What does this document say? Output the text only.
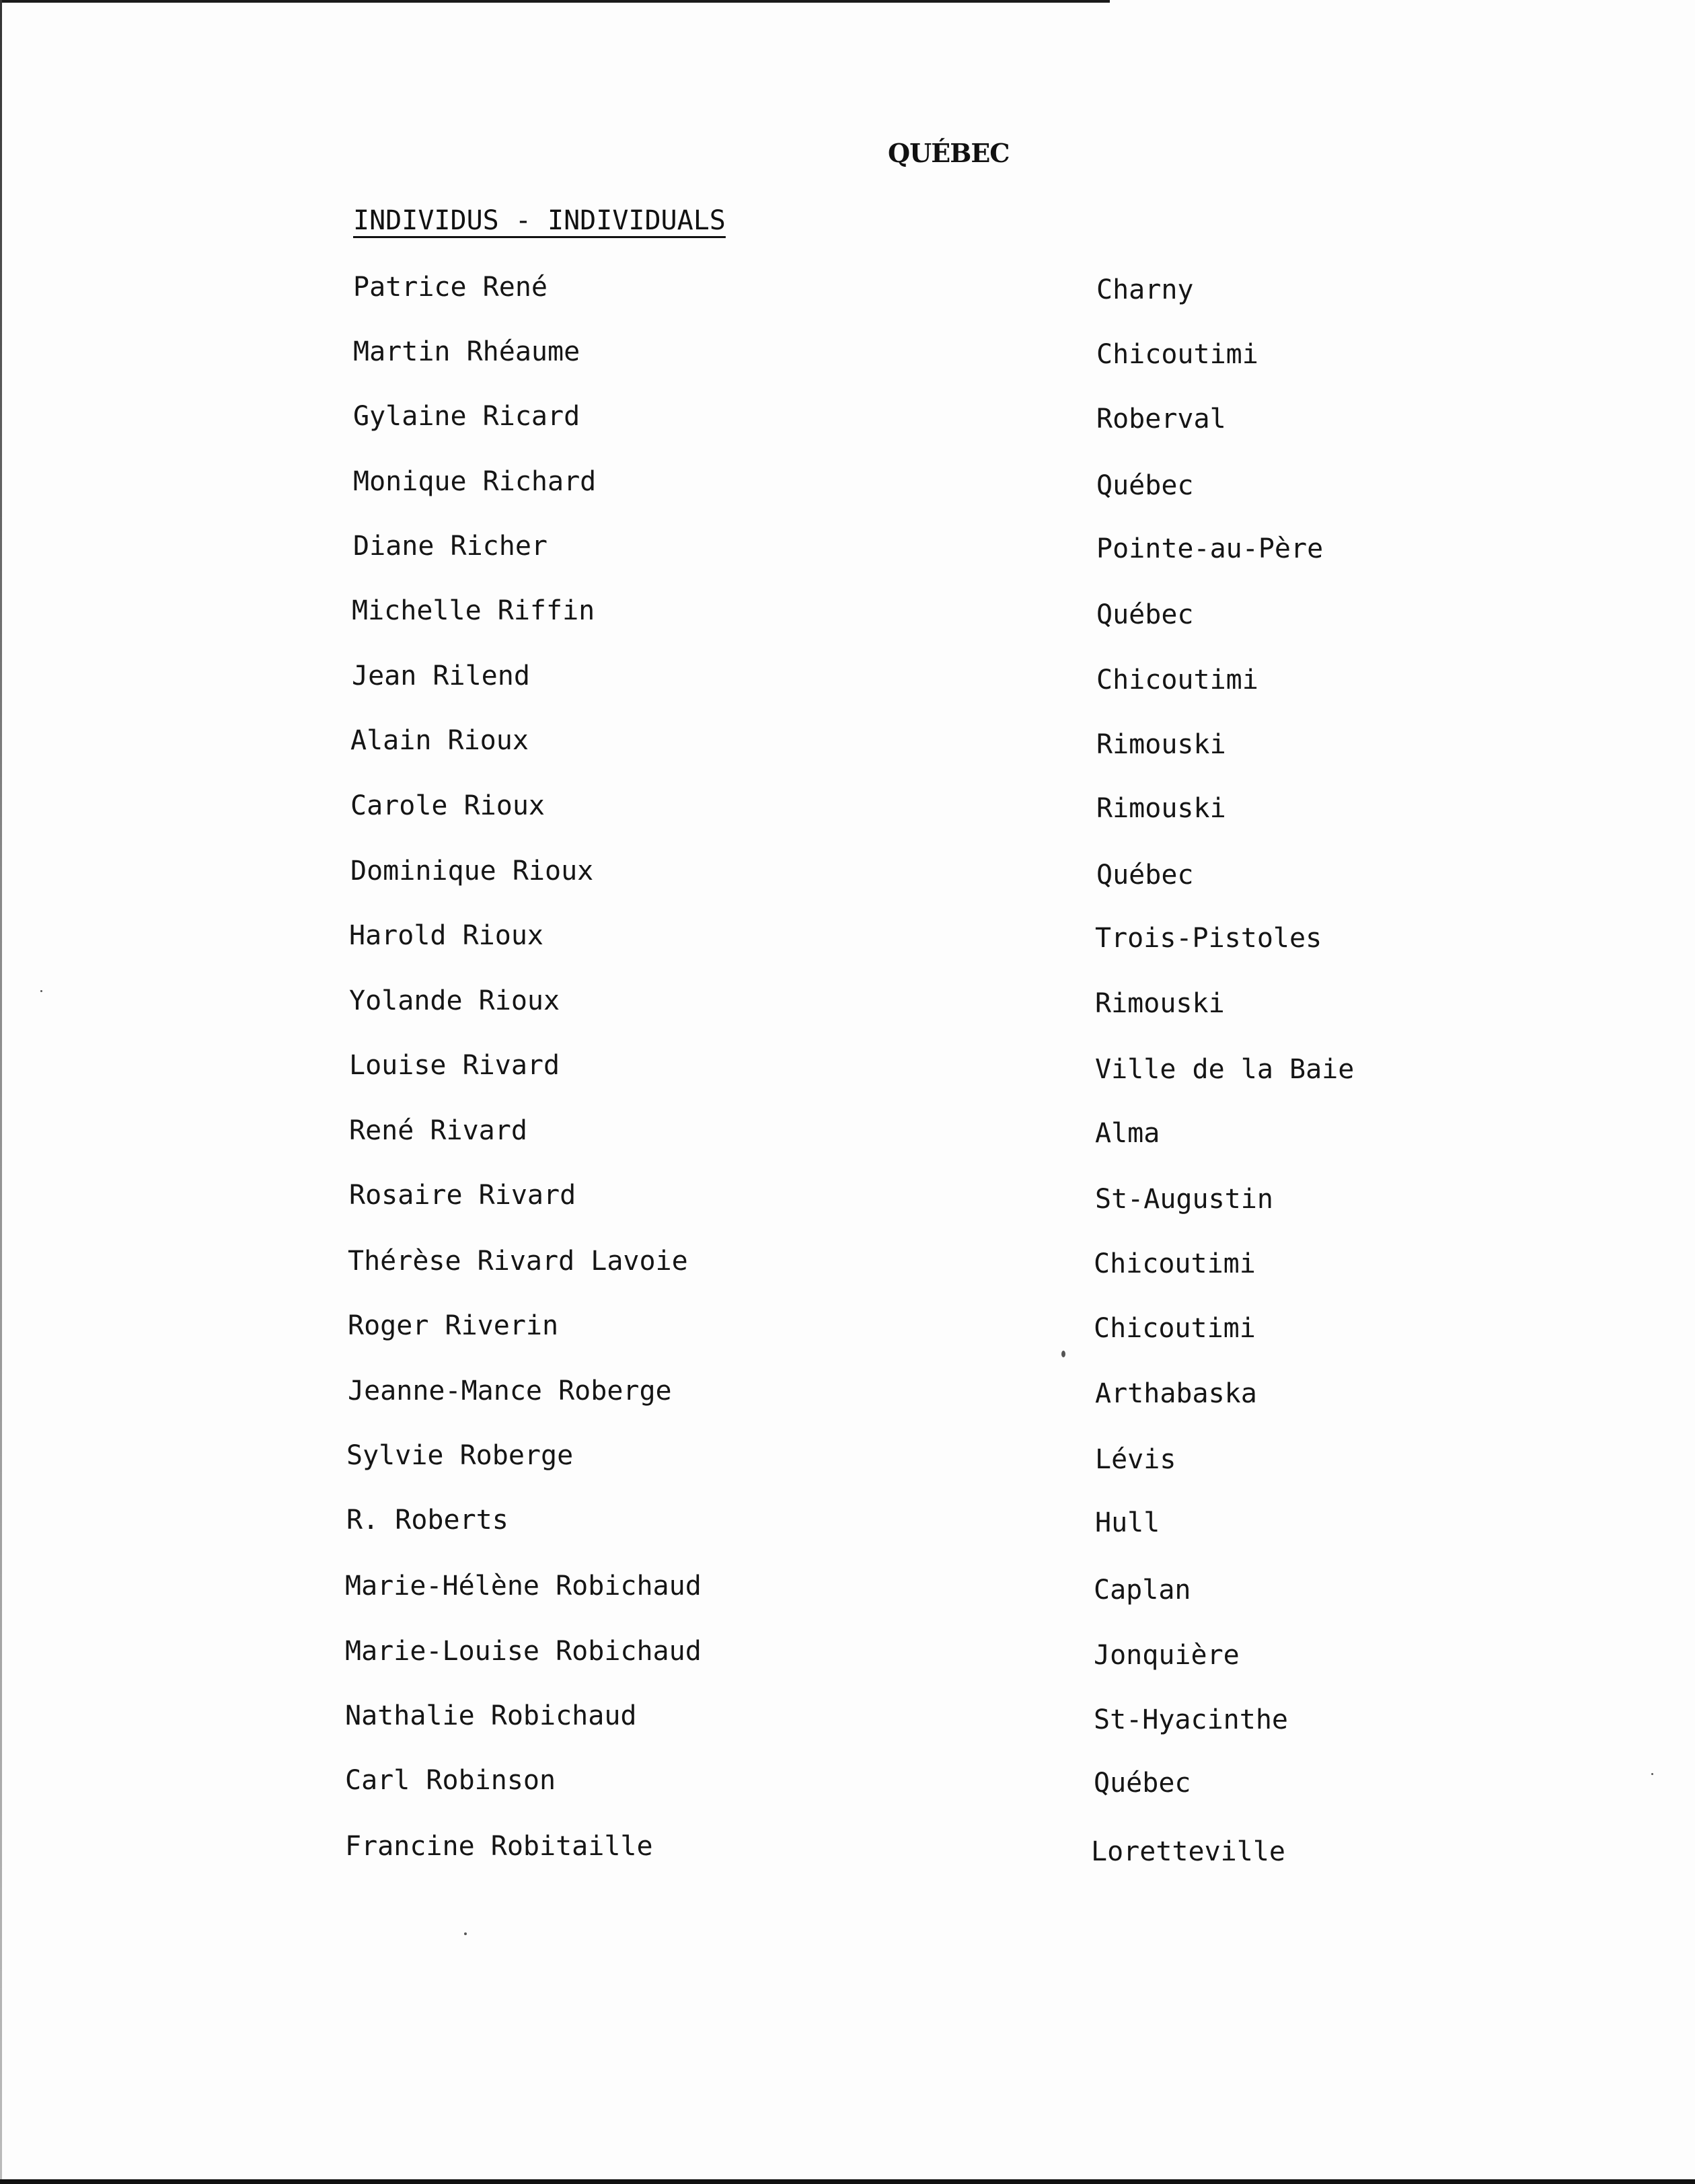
QUÉBEC
INDIVIDUS - INDIVIDUALS
Patrice René	Charny
Martin Rhéaume	Chicoutimi
Gylaine Ricard	Roberval
Monique Richard	Québec
Diane Richer	Pointe-au-Père
Michelle Riffin	Québec
Jean Rilend	Chicoutimi
Alain Rioux	Rimouski
Carole Rioux	Rimouski
Dominique Rioux	Québec
Harold Rioux	Trois-Pistoles
Yolande Rioux	Rimouski
Louise Rivard	Ville de la Baie
René Rivard	Alma
Rosaire Rivard	St-Augustin
Thérèse Rivard Lavoie	Chicoutimi
Roger Riverin	Chicoutimi
Jeanne-Mance Roberge	Arthabaska
Sylvie Roberge	Lévis
R. Roberts	Hull
Marie-Hélène Robichaud	Caplan
Marie-Louise Robichaud	Jonquière
Nathalie Robichaud	St-Hyacinthe
Carl Robinson	Québec
Francine Robitaille	Loretteville
